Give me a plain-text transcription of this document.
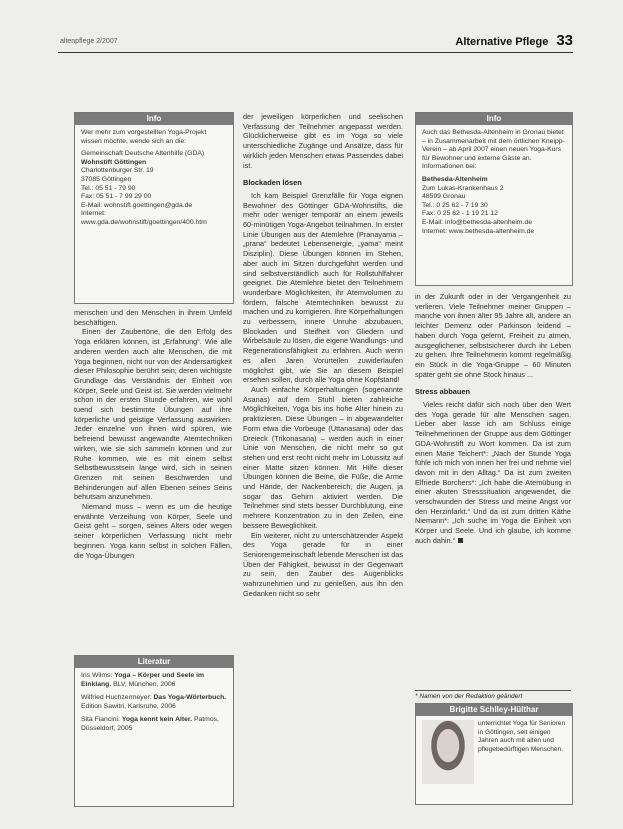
altenpflege 2/2007	Alternative Pflege 33
Info
Wer mehr zum vorgestellten Yoga-Projekt wissen möchte, wende sich an die:
Gemeinschaft Deutsche Altenhilfe (GDA)
Wohnstift Göttingen
Charlottenburger Str. 19
37085 Göttingen
Tel.: 05 51 - 79 90
Fax: 05 51 - 7 99 29 00
E-Mail: wohnstift.goettingen@gda.de
Internet: www.gda.de/wohnstift/goettingen/400.htm

menschen und den Menschen in ihrem Umfeld beschäftigen.

Einen der Zaubertöne, die den Erfolg des Yoga erklären können, ist „Erfahrung“. Wie alle anderen werden auch alte Menschen, die mit Yoga beginnen, nicht nur von der Andersartigkeit dieser Philosophie berührt sein; deren wichtigste Grundlage das Verständnis der Einheit von Körper, Seele und Geist ist. Sie werden vielmehr schon in der ersten Stunde erfahren, wie wohl tuend sich bestimmte Übungen auf ihre körperliche und geistige Verfassung auswirken. Jeder einzelne von ihnen wird spüren, wie befreiend bewusst angewandte Atemtechniken wirken, wie sie sich sammeln können und zur Ruhe kommen, wie es mit einem selbst Selbstbewusstsein lange wird, sich in seinen Grenzen mit seinen Beschwerden und Behinderungen auf allen Ebenen seines Seins behutsam anzunehmen.

Niemand muss – wenn es um die heutige erwähnte Verzeihung von Körper, Seele und Geist geht – sorgen, seines Alters oder wegen seiner körperlichen Verfassung nicht mehr beginnen. Yoga kann selbst in solchen Fällen, die Yoga-Übungen

Literatur
Iris Wilms: Yoga – Körper und Seele im Einklang. BLV, München, 2006
Wilfried Huchzermeyer: Das Yoga-Wörterbuch. Edition Sawitri, Karlsruhe, 2006
Sita Fiancini: Yoga kennt kein Alter. Patmos, Düsseldorf, 2005

der jeweiligen körperlichen und seelischen Verfassung der Teilnehmer angepasst werden. Glücklicherweise gibt es im Yoga so viele unterschiedliche Zugänge und Ansätze, dass für wirklich jeden Menschen etwas Passendes dabei ist.

Blockaden lösen

Ich kam Beispiel Grenzfälle für Yoga eignen Bewohner des Göttinger GDA-Wohnstifts, die mehr oder weniger temporär an einem jeweils 60-minütigen Yoga-Angebot teilnahmen. In erster Linie Übungen aus der Atemlehre (Pranayama – „prana“ bedeutet Lebensenergie, „yama“ meint Disziplin). Diese Übungen können im Stehen, aber auch im Sitzen durchgeführt werden und sind selbstverständlich auch für Rollstuhlfahrer geeignet. Die Atemlehre bietet den Teilnehmern wunderbare Möglichkeiten, ihr Atemvolumen zu fördern, falsche Atemtechniken bewusst zu machen und zu korrigieren. Ihre Körperhaltungen zu verbessern, innere Unruhe abzubauen, Blockaden und Steifheit von Gliedern und Wirbelsäule zu lösen, die eigene Wandlungs- und Regenerationsfähigkeit zu erfahren. Auch wenn es allen Jaren Vorurteilen zuwiderlaufen möglichst gibt, wie Sie an diesem Beispiel ersehen sollen, durch alle Yoga ohne Kopfstand!

Auch einfache Körperhaltungen (sogenannte Asanas) auf dem Stuhl bieten zahlreiche Möglichkeiten, Yoga bis ins hohe Alter hinein zu praktizieren. Diese Übungen – in abgewandelter Form etwa die Vorbeuge (Uttanasana) oder das Dreieck (Trikonasana) – werden auch in einer Linie von Menschen, die nicht mehr so gut stehen und erst recht nicht mehr im Lotussitz auf einer Matte sitzen können. Mit Hilfe dieser Übungen können die Beine, die Füße, die Arme und Hände, der Nackenbereich, die Augen, ja sogar das Gehirn aktiviert werden. Die Teilnehmer sind stets besser Durchblutung, eine mehrere Konzentration zu in den Zeilen, eine bessere Beweglichkeit.

Ein weiterer, nicht zu unterschätzender Aspekt des Yoga gerade für in einer Seniorengemeinschaft lebende Menschen ist das Üben der Fähigkeit, bewusst in der Gegenwart zu sein, den Zauber des Augenblicks wahrzunehmen und zu genießen, aus ihn den Gedanken nicht so sehr

Info
Auch das Bethesda-Altenheim in Gronau bietet – in Zusammenarbeit mit dem örtlichen Kneipp-Verein – ab April 2007 einen neuen Yoga-Kurs für Bewohner und externe Gäste an. Informationen bei:
Bethesda-Altenheim
Zum Lukas-Krankenhaus 2
48599 Gronau
Tel.: 0 25 62 - 7 19 30
Fax: 0 25 62 - 1 19 21 12
E-Mail: info@bethesda-altenheim.de
Internet: www.bethesda-altenheim.de

in der Zukunft oder in der Vergangenheit zu verlieren. Viele Teilnehmer meiner Gruppen – manche von ihnen älter 95 Jahre alt, andere an leichter Demenz oder Parkinson leidend – haben durch Yoga gelernt, Freiheit zu atmen, ausgeglichener, selbstsicherer durch ihr Leben zu gehen. Ihre Teilnehmerin kommt regelmäßig ein Stück in die Yoga-Gruppe – 60 Minuten später geht sie ohne Stock hinaus ...

Stress abbauen

Vieles reicht dafür sich noch über den Wert des Yoga gerade für alte Menschen sagen. Lieber aber lasse ich am Schluss einige Teilnehmerinnen der Gruppe aus dem Göttinger GDA-Wohnstift zu Wort kommen. Da ist zum einen Marie Teichert*: „Nach der Stunde Yoga fühle ich mich von innen her frei und nehme viel davon mit in den Alltag.“ Da ist zum zweiten Elfriede Borchers*: „Ich habe die Atemübung in einer akuten Stresssituation angewendet, die verschwunden der Stress und meine Angst vor den Herzinfarkt.“ Und da ist zum dritten Käthe Niemann*: „Ich suche im Yoga die Einheit von Körper und Seele. Und ich glaube, ich komme auch dahin.“

* Namen von der Redaktion geändert
Brigitte Schlley-Hülthar
unterrichtet Yoga für Senioren in Göttingen, seit einigen Jahren auch mit alten und pflegebedürftigen Menschen.
